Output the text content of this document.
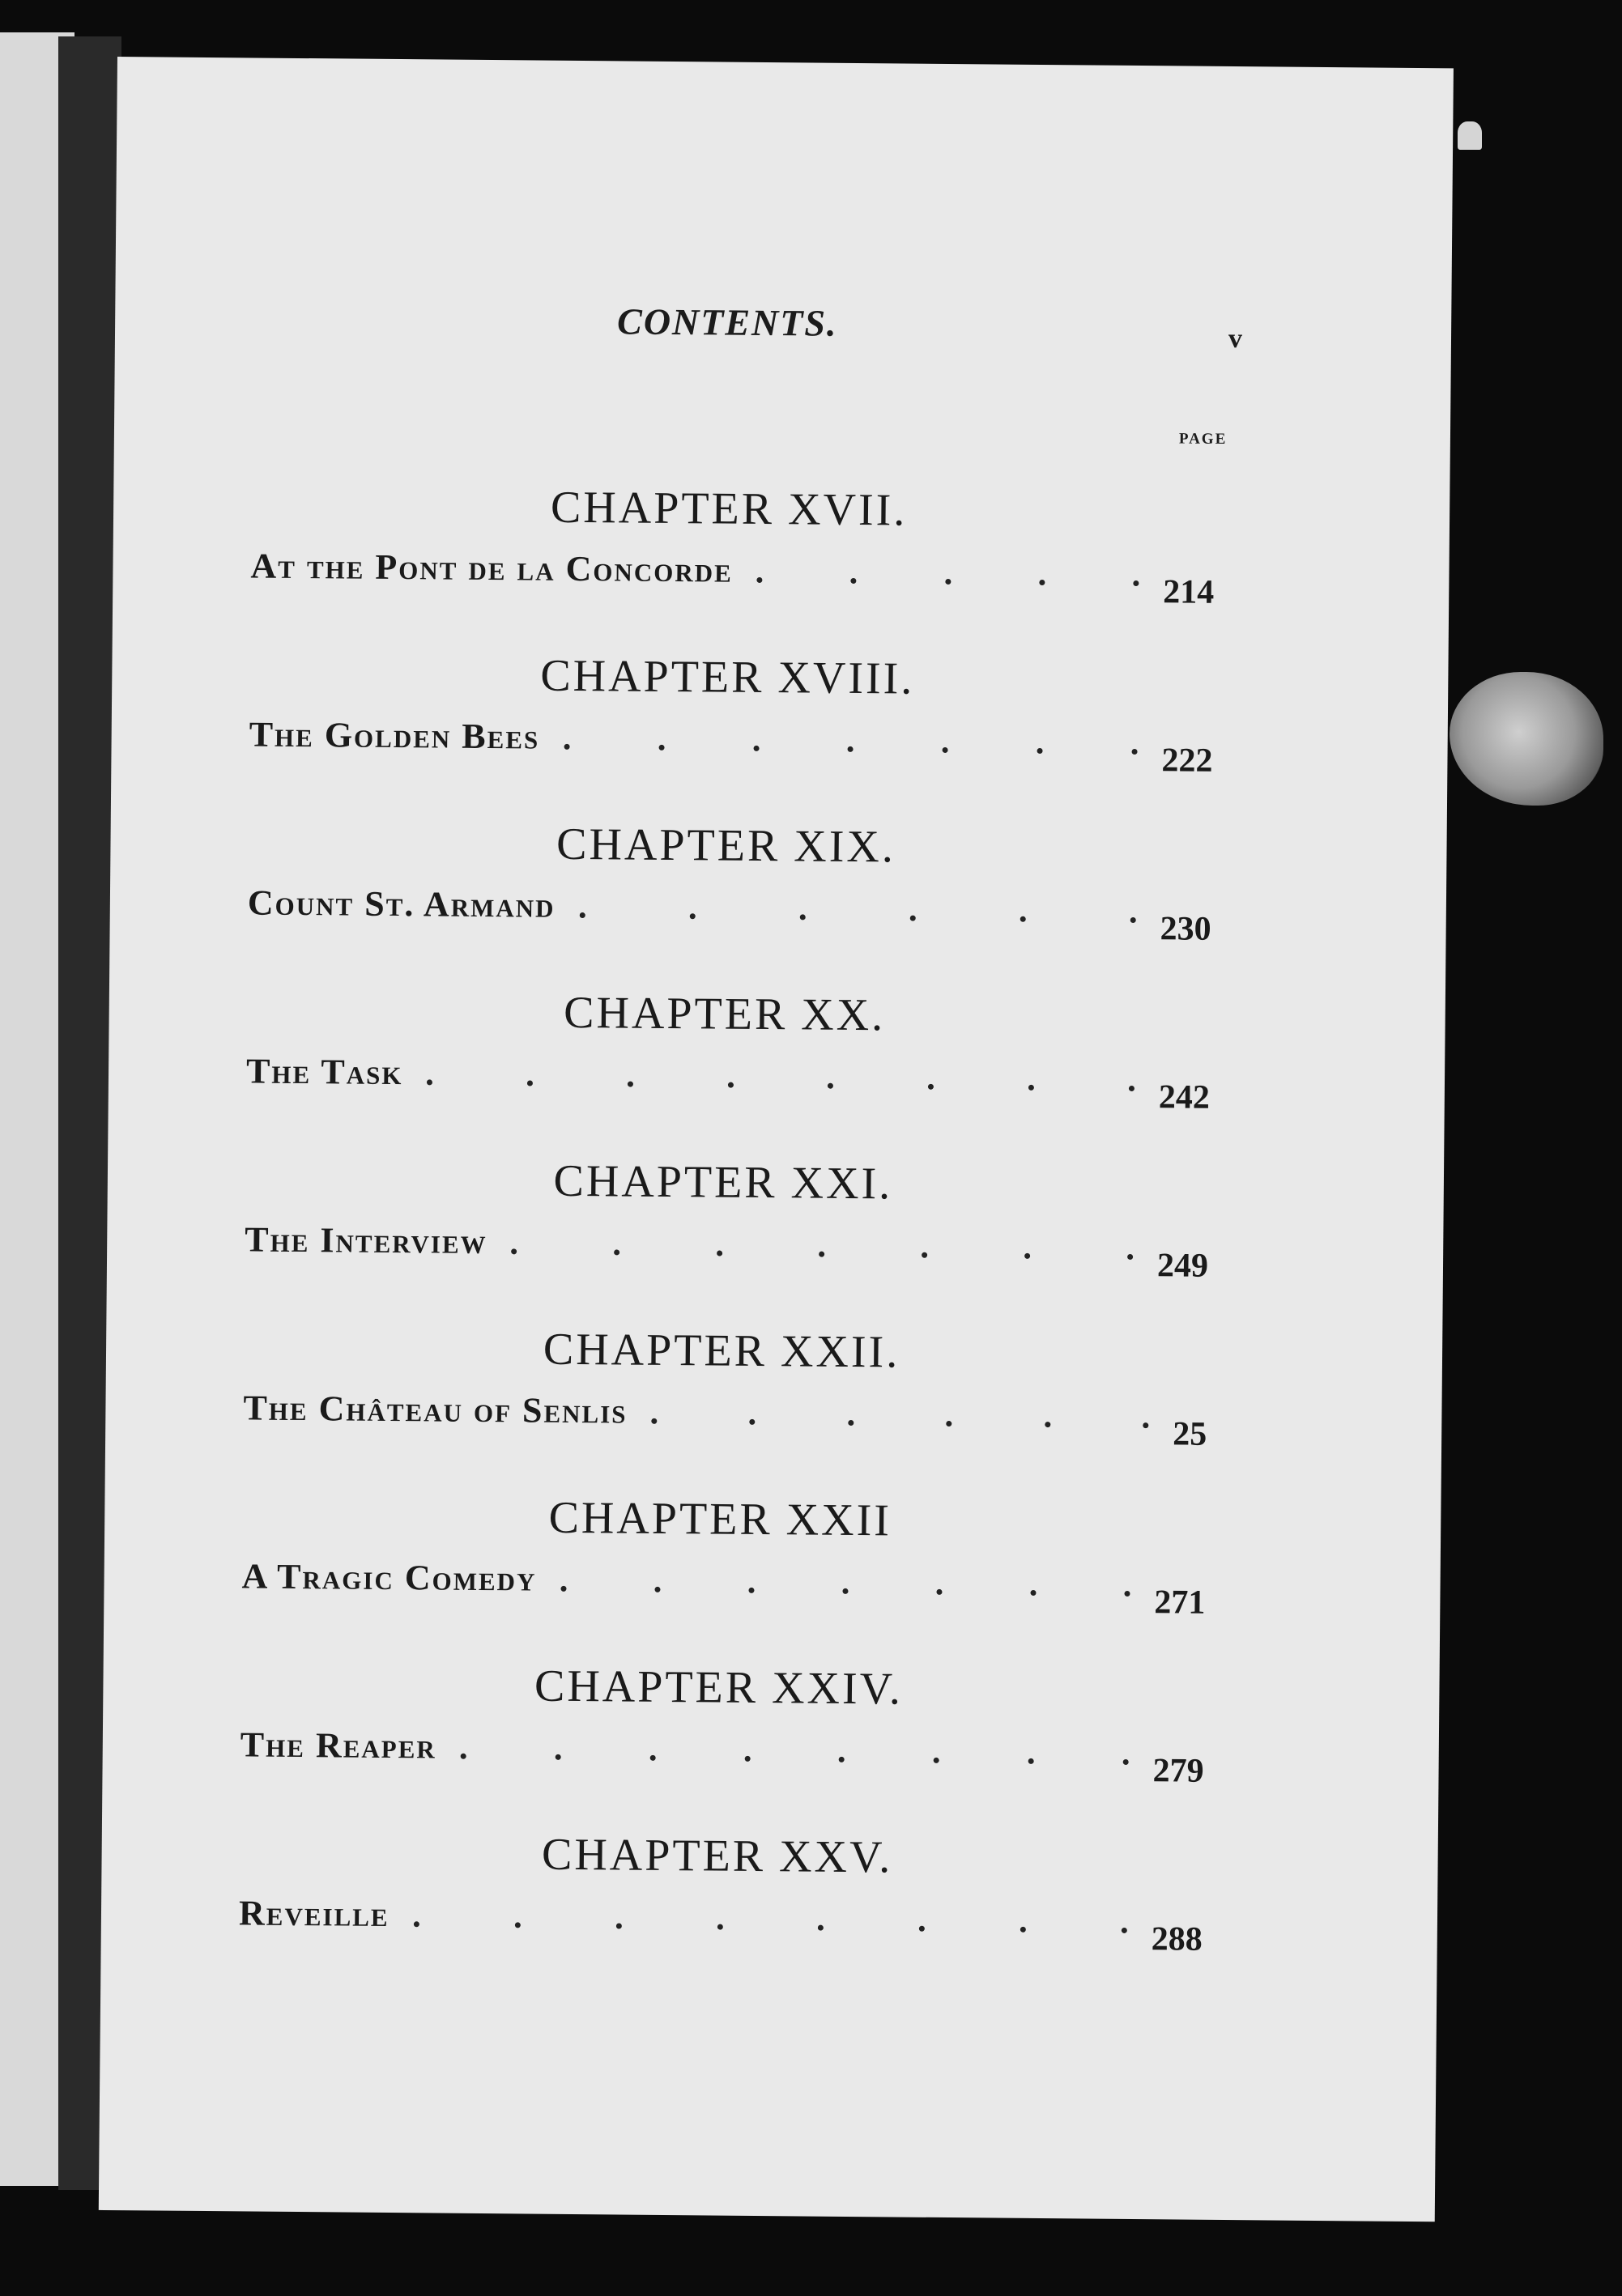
CONTENTS.	v
PAGE
CHAPTER XVII.
At the Pont de la Concorde
214
CHAPTER XVIII.
The Golden Bees
222
CHAPTER XIX.
Count St. Armand
230
CHAPTER XX.
The Task
242
CHAPTER XXI.
The Interview
249
CHAPTER XXII.
The Château of Senlis
25
CHAPTER XXII
A Tragic Comedy
271
CHAPTER XXIV.
The Reaper
279
CHAPTER XXV.
Reveille
288
